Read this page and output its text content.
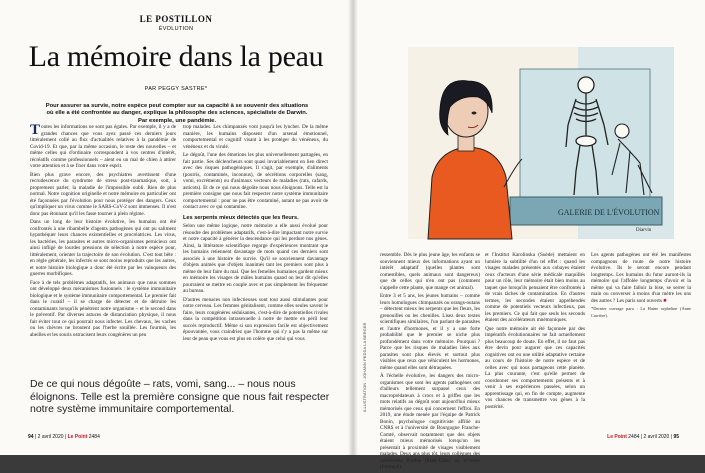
LE POSTILLON
ÉVOLUTION
La mémoire dans la peau
PAR PEGGY SASTRE*
Pour assurer sa survie, notre espèce peut compter sur sa capacité à se souvenir des situations où elle a été confrontée au danger, explique la philosophe des sciences, spécialiste de Darwin. Par exemple, une pandémie.

Toutes les informations ne sont pas égales. Par exemple, il y a de grandes chances que vous ayez passé ces derniers jours littéralement collé au flux d'actualités relatives à la pandémie de Covid-19. Et que, par la même occasion, le reste des nouvelles – et même celles qui d'ordinaire correspondent à vos centres d'intérêt, récréatifs comme professionnels – aient eu un mal de chien à attirer votre attention et à se fixer dans votre esprit.

Bien plus grave encore, des psychiatres avertissent d'une recrudescence du syndrome de stress post-traumatique, soit, à proprement parler, la maladie de l'impossible oubli. Rien de plus normal. Notre cognition originelle et notre mémoire en particulier ont été façonnées par l'évolution pour nous protéger des dangers. Ceux qu'impliquer un virus comme le SARS-CoV-2 sont immenses. Il n'est donc pas étonnant qu'il les fasse tourner à plein régime.

Dans un long de leur histoire évolutive, les humains ont été confrontés à une ribambelle d'agents pathogènes qui ont pu saliment hypothéquer leurs chances existentielles et procréatrices. Les virus, les bactéries, les parasites et autres micro-organismes pernicieux ont ainsi infligé de lourdes pressions de sélection à notre espèce pour, littéralement, orienter la trajectoire de son évolution. C'est tout bête : en règle générale, les infectés se sont moins reproduits que les autres, et notre histoire biologique a donc été écrite par les vainqueurs des guerres morbifiques.

Face à de tels problèmes adaptatifs, les animaux que nous sommes ont développé deux mécanismes fusionnels : le système immunitaire biologique et le système immunitaire comportemental. Le premier fait dans le curatif – il se charge de détecter et de détruire les contaminants lorsqu'ils pénètrent notre organisme – et le second dans le préventif. Par diverses astuces de distanciation physique, il nous fait éviter tout ce qui pourrait nous infecter. Les chevaux, les vaches ou les chèvres ne broutent pas l'herbe souillée. Les fourmis, les abeilles et les souris ostracisent leurs congénères un peu

trop malades. Les chimpanzés vont jusqu'à les lyncher. De la même manière, les humains disposent d'un arsenal émotionnel, comportemental et cognitif visant à les protéger du vénéneux, du vénéneux et du virulé.

Le dégoût, l'une des émotions les plus universellement partagées, en fait partie. Ses déclencheurs sont quasi invariablement en lien direct avec des risques pathogéniques. Il s'agit, par exemple, d'aliments (pourris, contaminés, inconnus), de sécrétions corporelles (sang, vomi, excréments) ou d'animaux vecteurs de maladies (rats, cafards, asticots). Et de ce qui nous dégoûte nous nous éloignons. Telle est la première consigne que nous fait respecter notre système immunitaire comportemental : pour ne pas être contaminé, autant ne pas avoir de contact avec ce qui contamine.

Les serpents mieux détectés que les fleurs.

Selon une même logique, notre mémoire a elle aussi évolué pour résoudre des problèmes adaptatifs, c'est-à-dire impactant notre survie et notre capacité à générer la descendance qui les perdure nos gènes. Ainsi, la littérature scientifique regorge d'expériences montrant que les humains retiennent davantage de mots quand ces derniers sont associés à une histoire de survie. Qu'il se souviennent davantage d'objets animés que d'objets inanimés tant les premiers sont plus à même de leur faire du mal. Que les femelles humaines gardent mieux en mémoire les visages de mâles humains quand on leur dit qu'elles pourraient se mettre en couple avec et pas simplement les fréquenter au bureau.

D'autres menaces non infectieuses sont tout aussi stimulantes pour notre cerveau. Les femmes génitalisent, comme elles seules savent le faire, leurs congénères séduisantes, c'est-à-dire de potentielles rivales dans la compétition intrasexuelle à notre de mettre en péril leur succès reproductif. Même si son expression facile est objectivement épouvantée, vous craindriez que l'homme qui s'y a pas la même sur leur de peau que vous est plus en colère que celui qui vous

De ce qui nous dégoûte – rats, vomi, sang... – nous nous éloignons. Telle est la première consigne que nous fait respecter notre système immunitaire comportemental.
94 | 2 avril 2020 | Le Point 2484
ILLUSTRATION : JOHANN PEDDA LA BERGER
GALERIE DE L'ÉVOLUTION
Diarvin

ressemble. Dès le plus jeune âge, les enfants se souviennent mieux des informations ayant un intérêt adaptatif (quelles plantes sont comestibles, quels animaux sont dangereux) que de celles qui n'en ont pas (comment s'appelle cette plante, que mange cet animal).

Entre 3 et 5 ans, les jeunes humains – comme leurs homologues chimpanzés ou orangs-outans – détectent mieux les serpents que les fleurs, les grenouilles ou les chenilles. Lisez deux textes scientifiques similaires, l'un parlant de parasites et l'autre d'hormones, et il y a une forte probabilité que le premier se niche plus profondément dans votre mémoire. Pourquoi ? Parce que les risques de maladies liées aux parasites sont plus élevés et surtout plus visibles que ceux que véhiculent les hormones, même quand elles sont détraquées.

À l'échelle évolutive, les dangers des micro-organismes que sont les agents pathogènes ont d'ailleurs tellement surpassé ceux des macroprédateurs à crocs et à griffes que les mots relatifs au dégoût sont aujourd'hui mieux mémorisés que ceux qui concernent l'effroi. En 2019, une étude menée par l'équipe de Patrick Bonin, psychologue cognitiviste affilié au CNRS et à l'université de Bourgogne Franche-Comté, observait notamment que des objets étaient mieux mémorisés lorsqu'on les présentait à proximité de visages visiblement malades. Deux ans plus tôt, leurs collègues des universités Purdue (États-Unis) ou d'Ovéro (Portugal)

et l'Institut Karolinska (Suède) mettaient en lumière la subtilité d'un tel effet : quand les visages malades présentés aux cobayes étaient ceux d'acteurs d'une série médicale maquillés pour un rôle, leur mémoire était bien moins au taquet que lorsqu'ils pensaient être confrontés à de vrais tâches de contamination. En d'autres termes, les secondes étaient appréhendés comme de potentiels vecteurs infectieux, pas les premiers. Ce qui fait que seuls les seconds étaient des accélérateurs mnémoniques.

Que notre mémoire ait été façonnée par des impératifs évolutionnaires ne fait actuellement plus beaucoup de doute. En effet, il ne faut pas être devin pour augurer que ces capacités cognitives ont eu une utilité adaptative certaine au cours de l'histoire de notre espèce et de celles avec qui nous partageons cette planète. La plus courante, c'est qu'elle permet de coordonner ses comportements présents et à venir à ses expériences passées, selon un apprentissage qui, en fin de compte, augmente vos chances de transmettre vos gènes à la postérité.

Les agents pathogènes ont été les manifestes compagnons de route de notre histoire évolutive. Ils le seront encore pendant longtemps. Les humains du futur auront-ils la mémoire qui l'affolée longtemps d'avoir et la même qui va faire falloir la bise, se serrer la main ou converser à moins d'un mètre les uns des autres ? Les paris sont ouverts ■

*Dernier ouvrage paru : La Haine orpheline (Anne Carrière).

Le Point 2484 | 2 avril 2020 | 95
